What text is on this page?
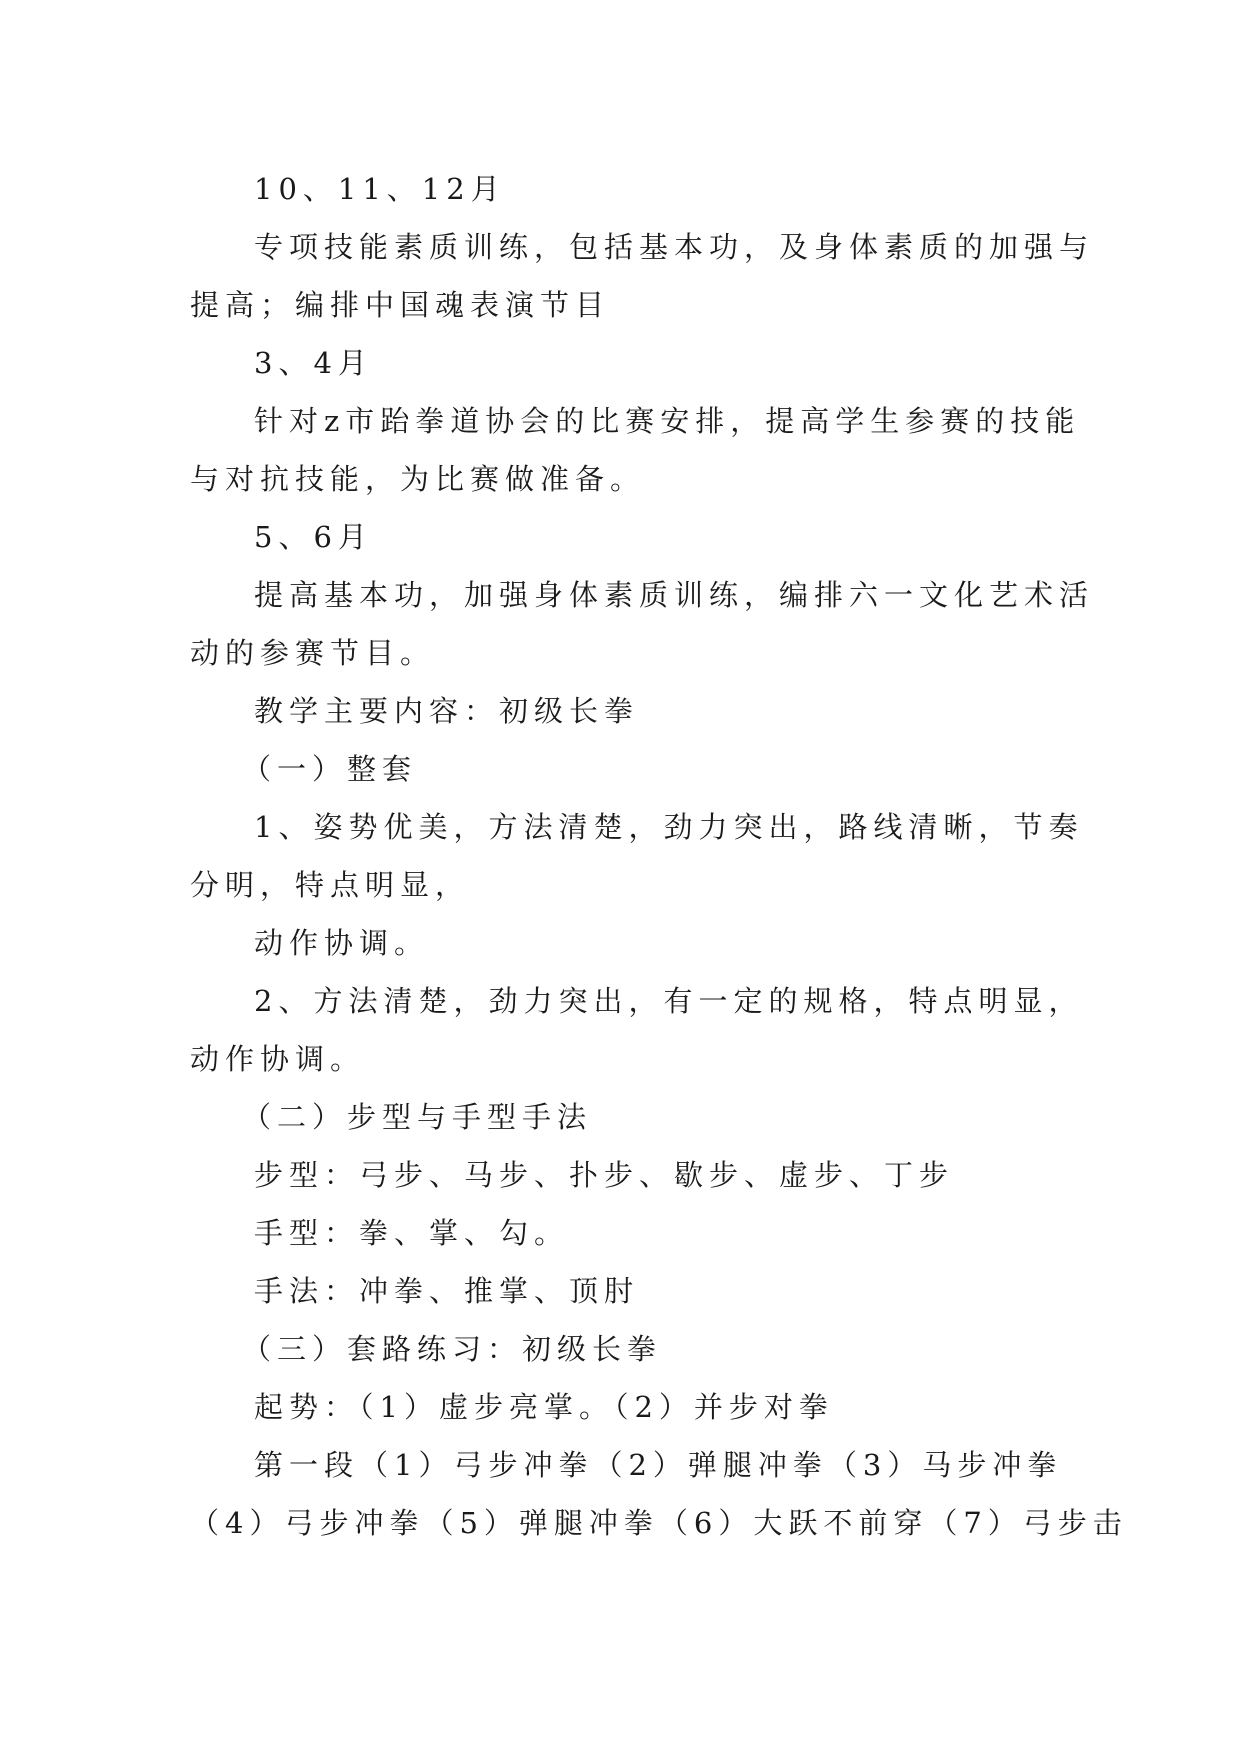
10、11、12月
专项技能素质训练，包括基本功，及身体素质的加强与
提高；编排中国魂表演节目
3、4月
针对z市跆拳道协会的比赛安排，提高学生参赛的技能
与对抗技能，为比赛做准备。
5、6月
提高基本功，加强身体素质训练，编排六一文化艺术活
动的参赛节目。
教学主要内容：初级长拳
（一）整套
1、姿势优美，方法清楚，劲力突出，路线清晰，节奏
分明，特点明显，
动作协调。
2、方法清楚，劲力突出，有一定的规格，特点明显，
动作协调。
（二）步型与手型手法
步型：弓步、马步、扑步、歇步、虚步、丁步
手型：拳、掌、勾。
手法：冲拳、推掌、顶肘
（三）套路练习：初级长拳
起势：（1）虚步亮掌。（2）并步对拳
第一段（1）弓步冲拳（2）弹腿冲拳（3）马步冲拳
（4）弓步冲拳（5）弹腿冲拳（6）大跃不前穿（7）弓步击
